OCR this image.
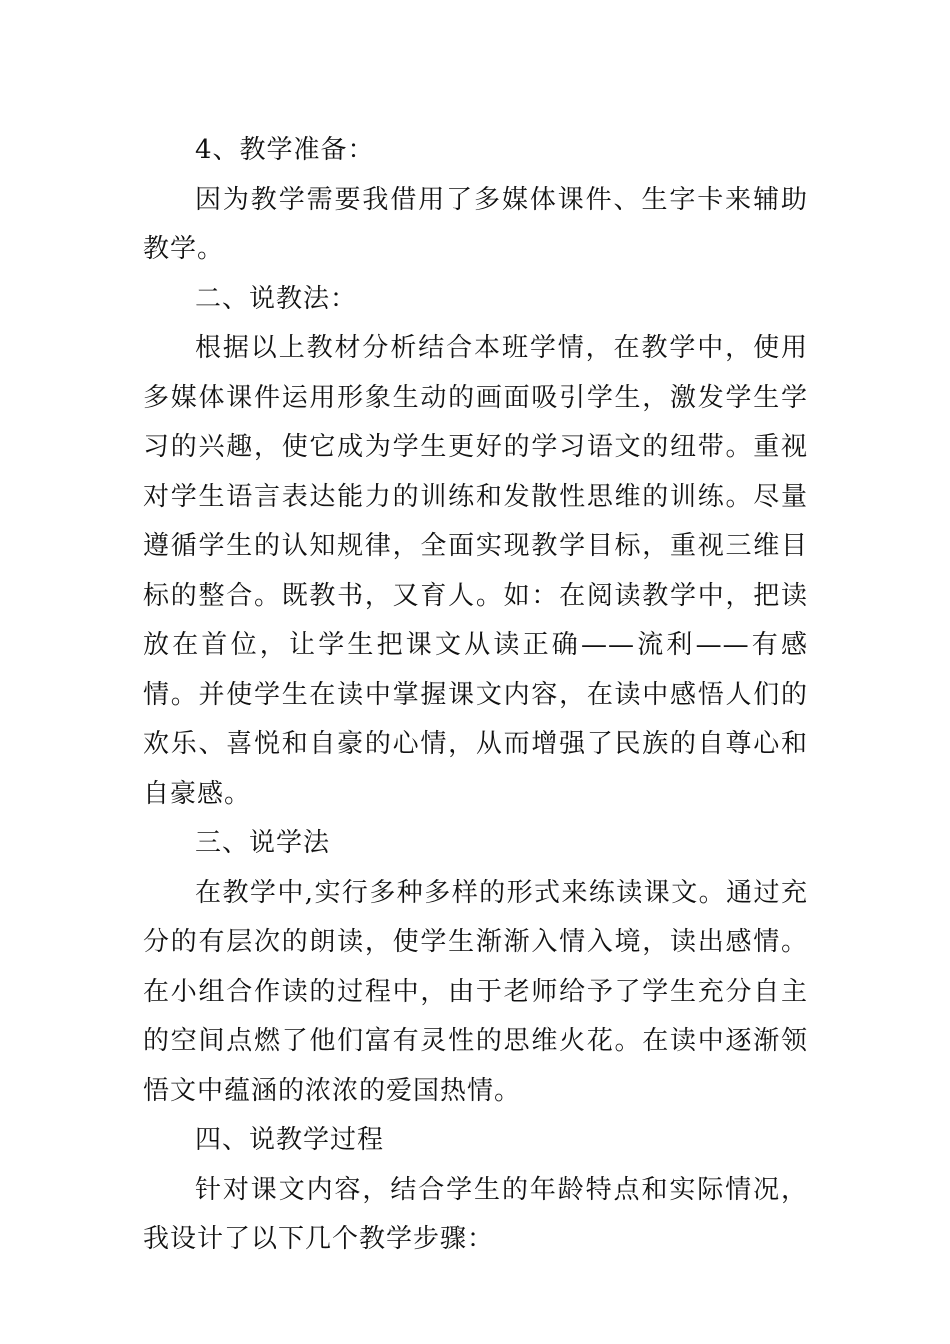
4、教学准备：

因为教学需要我借用了多媒体课件、生字卡来辅助教学。

二、说教法：

根据以上教材分析结合本班学情，在教学中，使用多媒体课件运用形象生动的画面吸引学生，激发学生学习的兴趣，使它成为学生更好的学习语文的纽带。重视对学生语言表达能力的训练和发散性思维的训练。尽量遵循学生的认知规律，全面实现教学目标，重视三维目标的整合。既教书，又育人。如：在阅读教学中，把读放在首位，让学生把课文从读正确——流利——有感情。并使学生在读中掌握课文内容，在读中感悟人们的欢乐、喜悦和自豪的心情，从而增强了民族的自尊心和自豪感。

三、说学法

在教学中,实行多种多样的形式来练读课文。通过充分的有层次的朗读，使学生渐渐入情入境，读出感情。在小组合作读的过程中，由于老师给予了学生充分自主的空间点燃了他们富有灵性的思维火花。在读中逐渐领悟文中蕴涵的浓浓的爱国热情。

四、说教学过程

针对课文内容，结合学生的年龄特点和实际情况，我设计了以下几个教学步骤：
